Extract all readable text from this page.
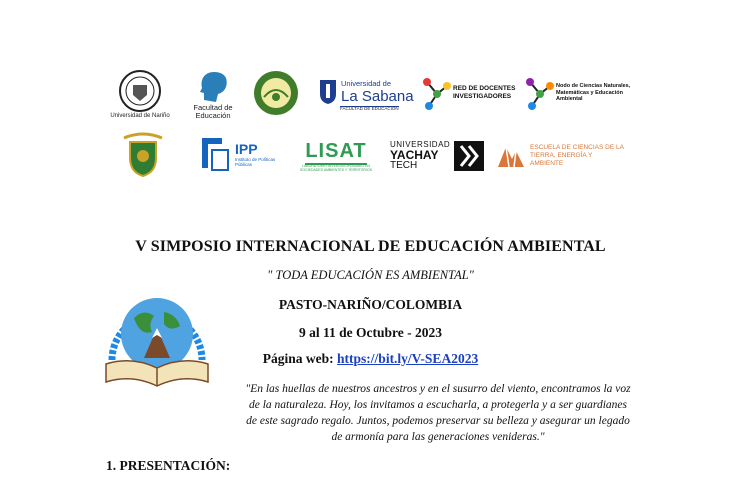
Universidad de Nariño
Facultad de
Educación
Universidad de
La Sabana
FACULTAD DE EDUCACIÓN
RED DE DOCENTES INVESTIGADORES
Nodo de Ciencias Naturales, Matemáticas y Educación Ambiental
IPP
Instituto de Políticas Públicas
LISAT
LABORATORIO INTERDISCIPLINARIO EN SOCIEDADES AMBIENTES Y TERRITORIOS
UNIVERSIDAD
YACHAY
TECH
ESCUELA DE CIENCIAS DE LA TIERRA, ENERGÍA Y AMBIENTE
V SIMPOSIO INTERNACIONAL DE EDUCACIÓN AMBIENTAL
" TODA EDUCACIÓN ES AMBIENTAL"
PASTO-NARIÑO/COLOMBIA
9 al 11 de Octubre - 2023
Página web: https://bit.ly/V-SEA2023
"En las huellas de nuestros ancestros y en el susurro del viento, encontramos la voz de la naturaleza. Hoy, los invitamos a escucharla, a protegerla y a ser guardianes de este sagrado regalo. Juntos, podemos preservar su belleza y asegurar un legado de armonía para las generaciones venideras."
1. PRESENTACIÓN:
